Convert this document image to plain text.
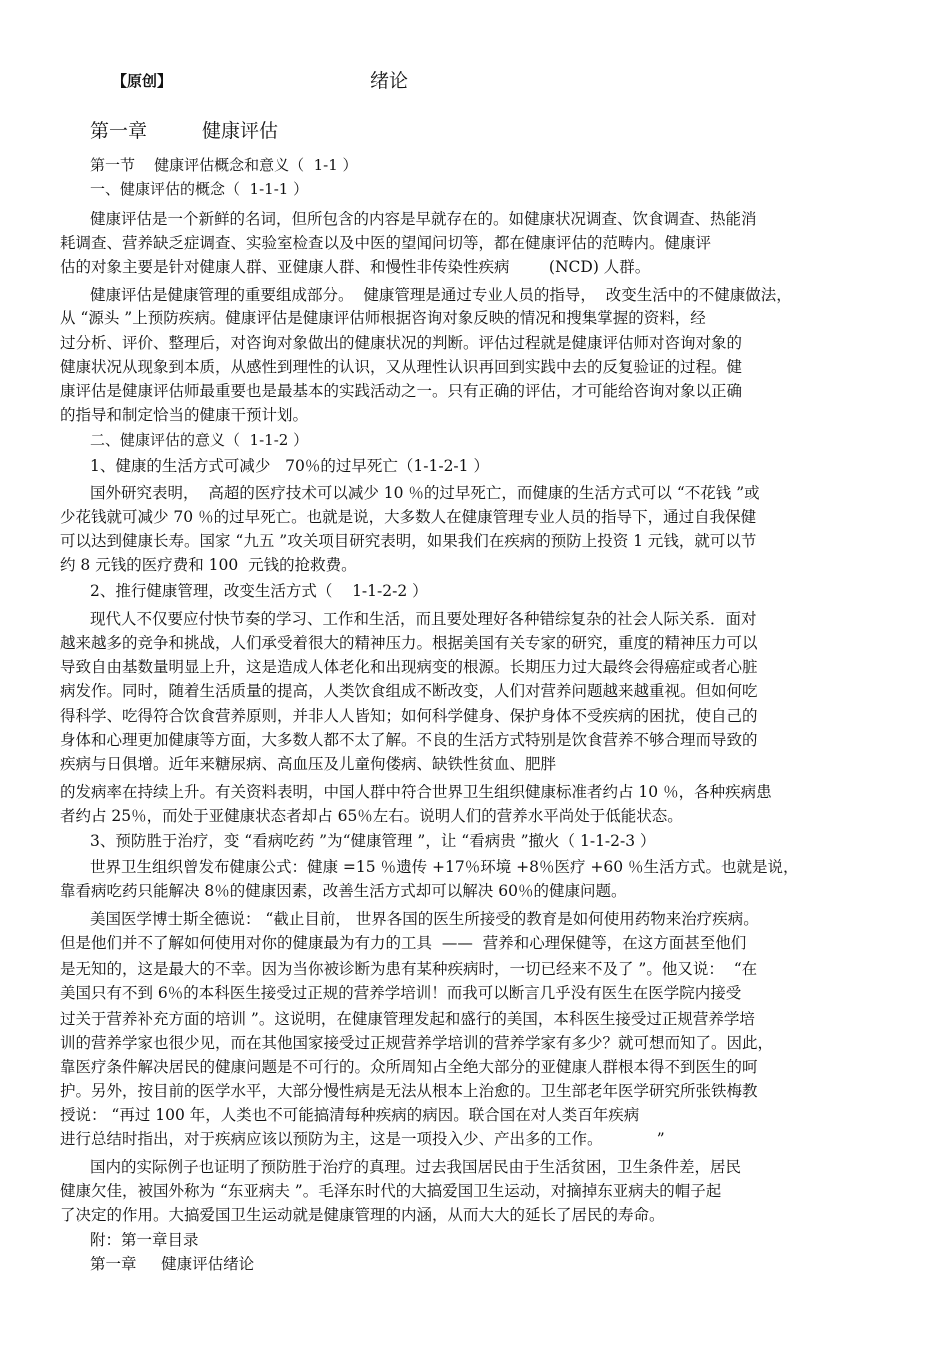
【原创】	绪论
第一章	健康评估
第一节    健康评估概念和意义（  1-1 ）
一、健康评估的概念（  1-1-1 ）
健康评估是一个新鲜的名词，但所包含的内容是早就存在的。如健康状况调查、饮食调查、热能消
耗调查、营养缺乏症调查、实验室检查以及中医的望闻问切等，都在健康评估的范畴内。健康评
估的对象主要是针对健康人群、亚健康人群、和慢性非传染性疾病        (NCD) 人群。
健康评估是健康管理的重要组成部分。  健康管理是通过专业人员的指导，  改变生活中的不健康做法，
从 “源头 ”上预防疾病。健康评估是健康评估师根据咨询对象反映的情况和搜集掌握的资料，经
过分析、评价、整理后，对咨询对象做出的健康状况的判断。评估过程就是健康评估师对咨询对象的
健康状况从现象到本质，从感性到理性的认识，又从理性认识再回到实践中去的反复验证的过程。健
康评估是健康评估师最重要也是最基本的实践活动之一。只有正确的评估，才可能给咨询对象以正确
的指导和制定恰当的健康干预计划。
二、健康评估的意义（  1-1-2 ）
1、健康的生活方式可减少   70％的过早死亡（1-1-2-1 ）
国外研究表明，  高超的医疗技术可以减少 10 ％的过早死亡，而健康的生活方式可以 “不花钱 ”或
少花钱就可减少 70 ％的过早死亡。也就是说，大多数人在健康管理专业人员的指导下，通过自我保健
可以达到健康长寿。国家 “九五 ”攻关项目研究表明，如果我们在疾病的预防上投资 1 元钱，就可以节
约 8 元钱的医疗费和 100  元钱的抢救费。
2、推行健康管理，改变生活方式（    1-1-2-2 ）
现代人不仅要应付快节奏的学习、工作和生活，而且要处理好各种错综复杂的社会人际关系．面对
越来越多的竞争和挑战，人们承受着很大的精神压力。根据美国有关专家的研究，重度的精神压力可以
导致自由基数量明显上升，这是造成人体老化和出现病变的根源。长期压力过大最终会得癌症或者心脏
病发作。同时，随着生活质量的提高，人类饮食组成不断改变，人们对营养问题越来越重视。但如何吃
得科学、吃得符合饮食营养原则，并非人人皆知；如何科学健身、保护身体不受疾病的困扰，使自己的
身体和心理更加健康等方面，大多数人都不太了解。不良的生活方式特别是饮食营养不够合理而导致的
疾病与日俱增。近年来糖尿病、高血压及儿童佝偻病、缺铁性贫血、肥胖
的发病率在持续上升。有关资料表明，中国人群中符合世界卫生组织健康标准者约占 10 ％，各种疾病患
者约占 25％，而处于亚健康状态者却占 65％左右。说明人们的营养水平尚处于低能状态。
3、预防胜于治疗，变 “看病吃药 ”为“健康管理 ”，让 “看病贵 ”撤火（ 1-1-2-3 ）
世界卫生组织曾发布健康公式：健康 =15 ％遗传 +17％环境 +8％医疗 +60 ％生活方式。也就是说，
靠看病吃药只能解决 8％的健康因素，改善生活方式却可以解决 60％的健康问题。
美国医学博士斯全德说： “截止目前， 世界各国的医生所接受的教育是如何使用药物来治疗疾病。
但是他们并不了解如何使用对你的健康最为有力的工具  ——  营养和心理保健等，在这方面甚至他们
是无知的，这是最大的不幸。因为当你被诊断为患有某种疾病时，一切已经来不及了 ”。他又说：  “在
美国只有不到 6％的本科医生接受过正规的营养学培训！而我可以断言几乎没有医生在医学院内接受
过关于营养补充方面的培训 ”。这说明，在健康管理发起和盛行的美国，本科医生接受过正规营养学培
训的营养学家也很少见，而在其他国家接受过正规营养学培训的营养学家有多少？就可想而知了。因此，
靠医疗条件解决居民的健康问题是不可行的。众所周知占全绝大部分的亚健康人群根本得不到医生的呵
护。另外，按目前的医学水平，大部分慢性病是无法从根本上治愈的。卫生部老年医学研究所张铁梅教
授说： “再过 100 年，人类也不可能搞清每种疾病的病因。联合国在对人类百年疾病
进行总结时指出，对于疾病应该以预防为主，这是一项投入少、产出多的工作。           ”
国内的实际例子也证明了预防胜于治疗的真理。过去我国居民由于生活贫困，卫生条件差，居民
健康欠佳，被国外称为 “东亚病夫 ”。毛泽东时代的大搞爱国卫生运动，对摘掉东亚病夫的帽子起
了决定的作用。大搞爱国卫生运动就是健康管理的内涵，从而大大的延长了居民的寿命。
附：第一章目录
第一章     健康评估绪论
